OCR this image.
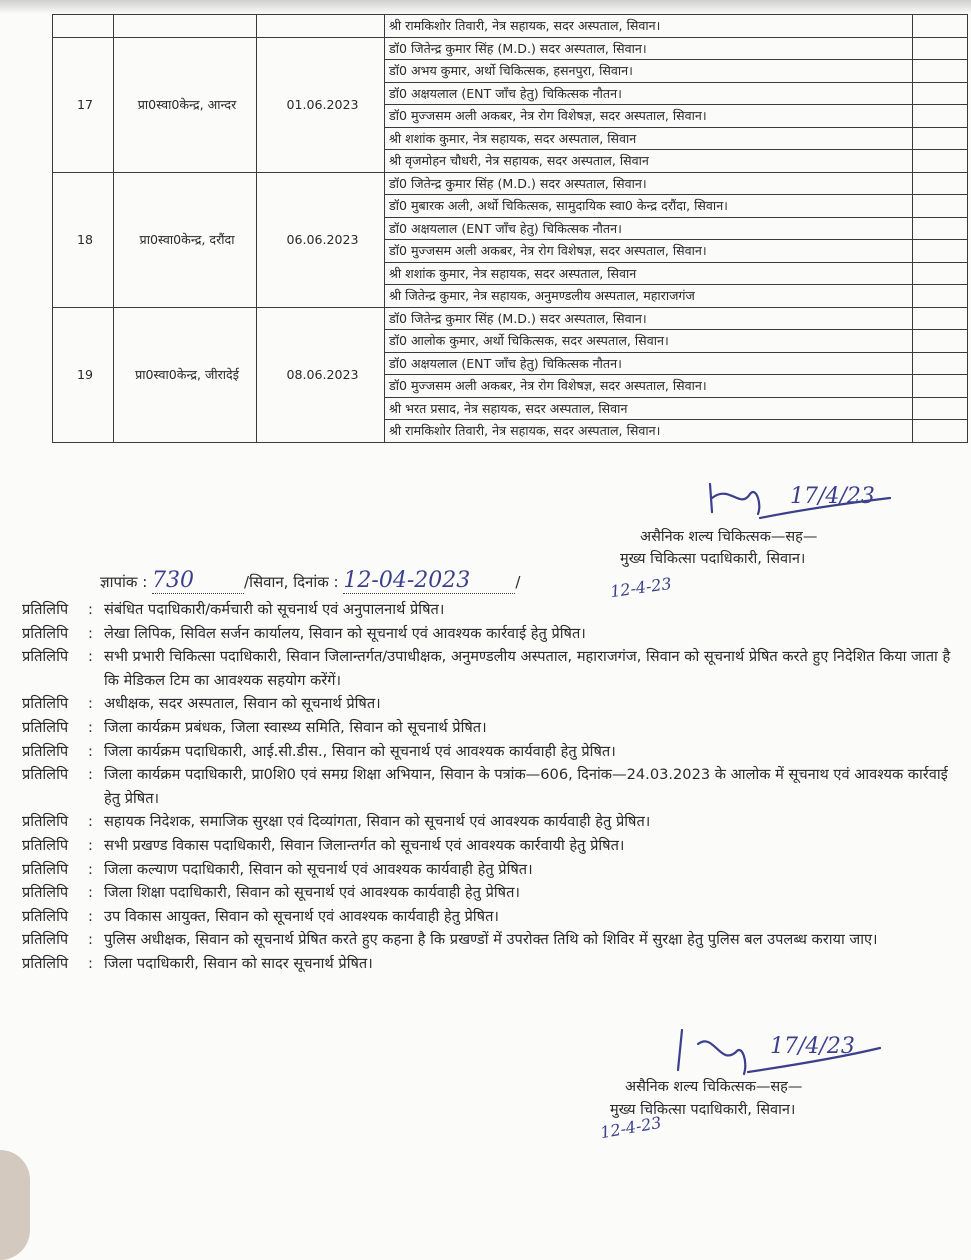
			श्री रामकिशोर तिवारी, नेत्र सहायक, सदर अस्पताल, सिवान।	
17	प्रा0स्वा0केन्द्र, आन्दर	01.06.2023	डॉ0 जितेन्द्र कुमार सिंह (M.D.) सदर अस्पताल, सिवान।	
			डॉ0 अभय कुमार, अर्थो चिकित्सक, हसनपुरा, सिवान।	
			डॉ0 अक्षयलाल (ENT जॉंच हेतु) चिकित्सक नौतन।	
			डॉ0 मुज्जसम अली अकबर, नेत्र रोग विशेषज्ञ, सदर अस्पताल, सिवान।	
			श्री शशांक कुमार, नेत्र सहायक, सदर अस्पताल, सिवान	
			श्री वृजमोहन चौधरी, नेत्र सहायक, सदर अस्पताल, सिवान	
18	प्रा0स्वा0केन्द्र, दरौंदा	06.06.2023	डॉ0 जितेन्द्र कुमार सिंह (M.D.) सदर अस्पताल, सिवान।	
			डॉ0 मुबारक अली, अर्थो चिकित्सक, सामुदायिक स्वा0 केन्द्र दरौंदा, सिवान।	
			डॉ0 अक्षयलाल (ENT जॉंच हेतु) चिकित्सक नौतन।	
			डॉ0 मुज्जसम अली अकबर, नेत्र रोग विशेषज्ञ, सदर अस्पताल, सिवान।	
			श्री शशांक कुमार, नेत्र सहायक, सदर अस्पताल, सिवान	
			श्री जितेन्द्र कुमार, नेत्र सहायक, अनुमण्डलीय अस्पताल, महाराजगंज	
19	प्रा0स्वा0केन्द्र, जीरादेई	08.06.2023	डॉ0 जितेन्द्र कुमार सिंह (M.D.) सदर अस्पताल, सिवान।	
			डॉ0 आलोक कुमार, अर्थो चिकित्सक, सदर अस्पताल, सिवान।	
			डॉ0 अक्षयलाल (ENT जॉंच हेतु) चिकित्सक नौतन।	
			डॉ0 मुज्जसम अली अकबर, नेत्र रोग विशेषज्ञ, सदर अस्पताल, सिवान।	
			श्री भरत प्रसाद, नेत्र सहायक, सदर अस्पताल, सिवान	
			श्री रामकिशोर तिवारी, नेत्र सहायक, सदर अस्पताल, सिवान।	
17/4/23
असैनिक शल्य चिकित्सक—सह—
मुख्य चिकित्सा पदाधिकारी, सिवान।
ज्ञापांक : 730	/सिवान, दिनांक : 12-04-2023	/	12-4-23
प्रतिलिपि	: संबंधित पदाधिकारी/कर्मचारी को सूचनार्थ एवं अनुपालनार्थ प्रेषित।
प्रतिलिपि	: लेखा लिपिक, सिविल सर्जन कार्यालय, सिवान को सूचनार्थ एवं आवश्यक कार्रवाई हेतु प्रेषित।
प्रतिलिपि	: सभी प्रभारी चिकित्सा पदाधिकारी, सिवान जिलान्तर्गत/उपाधीक्षक, अनुमण्डलीय अस्पताल, महाराजगंज, सिवान को सूचनार्थ प्रेषित करते हुए निदेशित किया जाता है कि मेडिकल टिम का आवश्यक सहयोग करेंगें।
प्रतिलिपि	: अधीक्षक, सदर अस्पताल, सिवान को सूचनार्थ प्रेषित।
प्रतिलिपि	: जिला कार्यक्रम प्रबंधक, जिला स्वास्थ्य समिति, सिवान को सूचनार्थ प्रेषित।
प्रतिलिपि	: जिला कार्यक्रम पदाधिकारी, आई.सी.डीस., सिवान को सूचनार्थ एवं आवश्यक कार्यवाही हेतु प्रेषित।
प्रतिलिपि	: जिला कार्यक्रम पदाधिकारी, प्रा0शि0 एवं समग्र शिक्षा अभियान, सिवान के पत्रांक—606, दिनांक—24.03.2023 के आलोक में सूचनाथ एवं आवश्यक कार्रवाई हेतु प्रेषित।
प्रतिलिपि	: सहायक निदेशक, समाजिक सुरक्षा एवं दिव्यांगता, सिवान को सूचनार्थ एवं आवश्यक कार्यवाही हेतु प्रेषित।
प्रतिलिपि	: सभी प्रखण्ड विकास पदाधिकारी, सिवान जिलान्तर्गत को सूचनार्थ एवं आवश्यक कार्रवायी हेतु प्रेषित।
प्रतिलिपि	: जिला कल्याण पदाधिकारी, सिवान को सूचनार्थ एवं आवश्यक कार्यवाही हेतु प्रेषित।
प्रतिलिपि	: जिला शिक्षा पदाधिकारी, सिवान को सूचनार्थ एवं आवश्यक कार्यवाही हेतु प्रेषित।
प्रतिलिपि	: उप विकास आयुक्त, सिवान को सूचनार्थ एवं आवश्यक कार्यवाही हेतु प्रेषित।
प्रतिलिपि	: पुलिस अधीक्षक, सिवान को सूचनार्थ प्रेषित करते हुए कहना है कि प्रखण्डों में उपरोक्त तिथि को शिविर में सुरक्षा हेतु पुलिस बल उपलब्ध कराया जाए।
प्रतिलिपि	: जिला पदाधिकारी, सिवान को सादर सूचनार्थ प्रेषित।
17/4/23
असैनिक शल्य चिकित्सक—सह—
मुख्य चिकित्सा पदाधिकारी, सिवान।
12-4-23
